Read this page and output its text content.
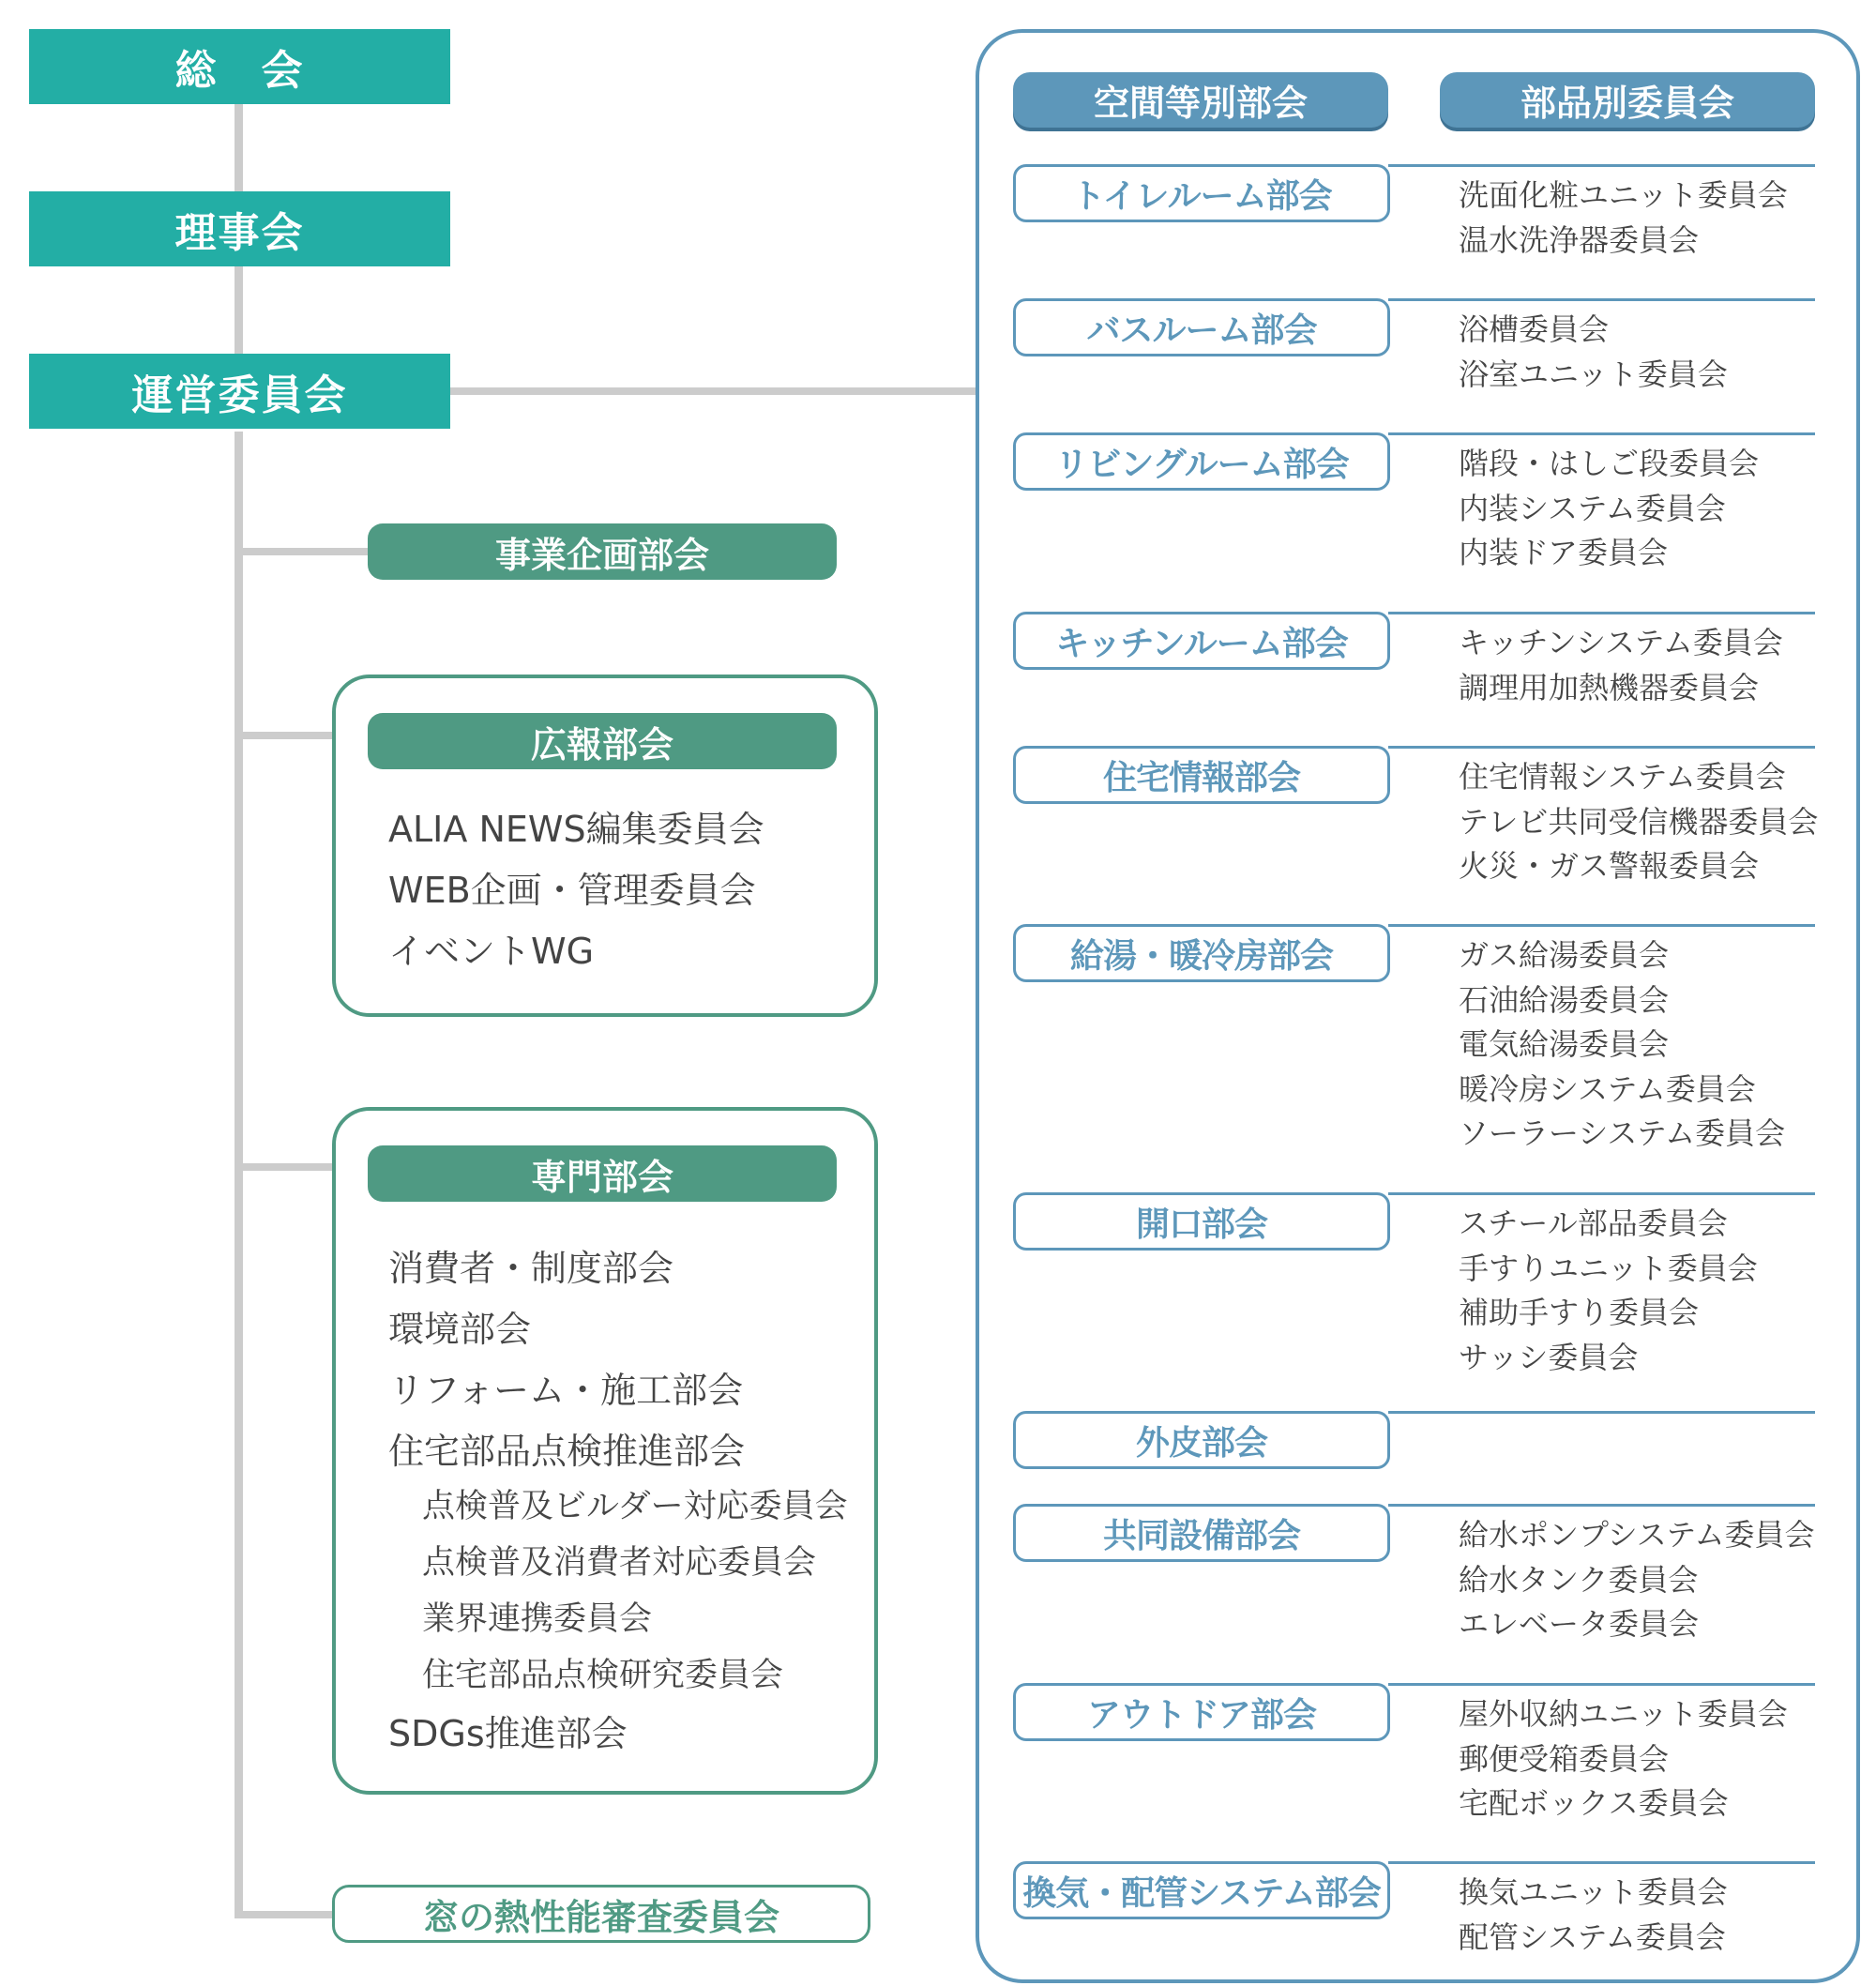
総　会
理事会
運営委員会
事業企画部会
広報部会
ALIA NEWS編集委員会
WEB企画・管理委員会
イベントWG
専門部会
消費者・制度部会
環境部会
リフォーム・施工部会
住宅部品点検推進部会
点検普及ビルダー対応委員会
点検普及消費者対応委員会
業界連携委員会
住宅部品点検研究委員会
SDGs推進部会
窓の熱性能審査委員会
空間等別部会	部品別委員会
トイレルーム部会	洗面化粧ユニット委員会
温水洗浄器委員会
バスルーム部会	浴槽委員会
浴室ユニット委員会
リビングルーム部会	階段・はしご段委員会
内装システム委員会
内装ドア委員会
キッチンルーム部会	キッチンシステム委員会
調理用加熱機器委員会
住宅情報部会	住宅情報システム委員会
テレビ共同受信機器委員会
火災・ガス警報委員会
給湯・暖冷房部会	ガス給湯委員会
石油給湯委員会
電気給湯委員会
暖冷房システム委員会
ソーラーシステム委員会
開口部会	スチール部品委員会
手すりユニット委員会
補助手すり委員会
サッシ委員会
外皮部会
共同設備部会	給水ポンプシステム委員会
給水タンク委員会
エレベータ委員会
アウトドア部会	屋外収納ユニット委員会
郵便受箱委員会
宅配ボックス委員会
換気・配管システム部会	換気ユニット委員会
配管システム委員会
